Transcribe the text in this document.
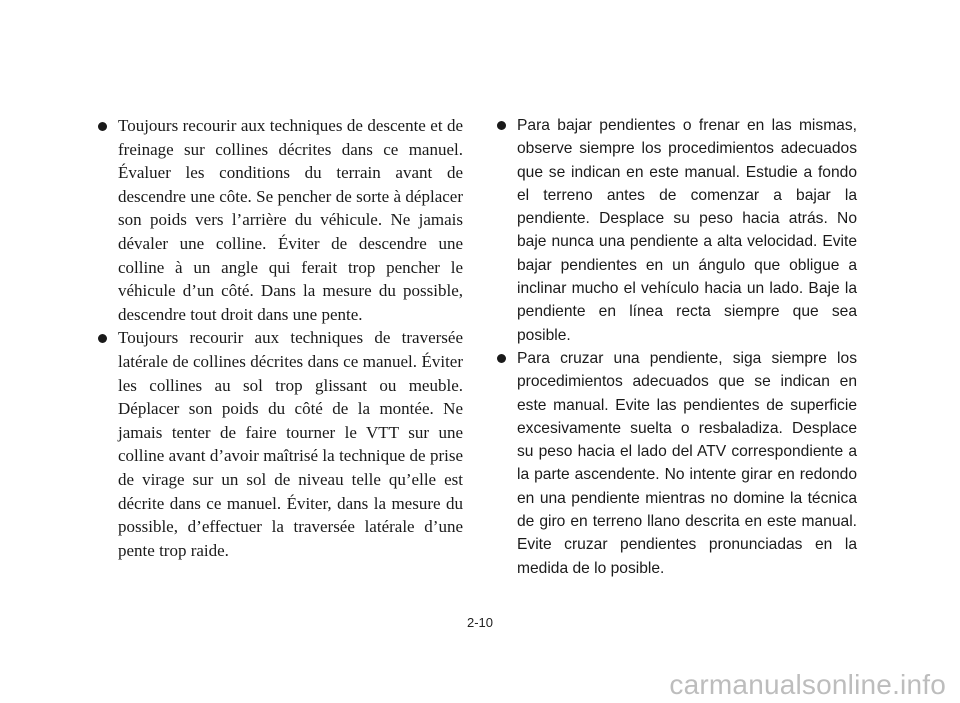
Toujours recourir aux techniques de descente et de freinage sur collines décrites dans ce manuel. Évaluer les conditions du terrain avant de descendre une côte. Se pencher de sorte à déplacer son poids vers l’arrière du véhicule. Ne jamais dévaler une colline. Éviter de descendre une colline à un angle qui ferait trop pencher le véhicule d’un côté. Dans la mesure du possible, descendre tout droit dans une pente.

Toujours recourir aux techniques de traversée latérale de collines décrites dans ce manuel. Éviter les collines au sol trop glissant ou meuble. Déplacer son poids du côté de la montée. Ne jamais tenter de faire tourner le VTT sur une colline avant d’avoir maîtrisé la technique de prise de virage sur un sol de niveau telle qu’elle est décrite dans ce manuel. Éviter, dans la mesure du possible, d’effectuer la traversée latérale d’une pente trop raide.

Para bajar pendientes o frenar en las mismas, observe siempre los procedimientos adecuados que se indican en este manual. Estudie a fondo el terreno antes de comenzar a bajar la pendiente. Desplace su peso hacia atrás. No baje nunca una pendiente a alta velocidad. Evite bajar pendientes en un ángulo que obligue a inclinar mucho el vehículo hacia un lado. Baje la pendiente en línea recta siempre que sea posible.

Para cruzar una pendiente, siga siempre los procedimientos adecuados que se indican en este manual. Evite las pendientes de superficie excesivamente suelta o resbaladiza. Desplace su peso hacia el lado del ATV correspondiente a la parte ascendente. No intente girar en redondo en una pendiente mientras no domine la técnica de giro en terreno llano descrita en este manual. Evite cruzar pendientes pronunciadas en la medida de lo posible.

2-10
carmanualsonline.info
